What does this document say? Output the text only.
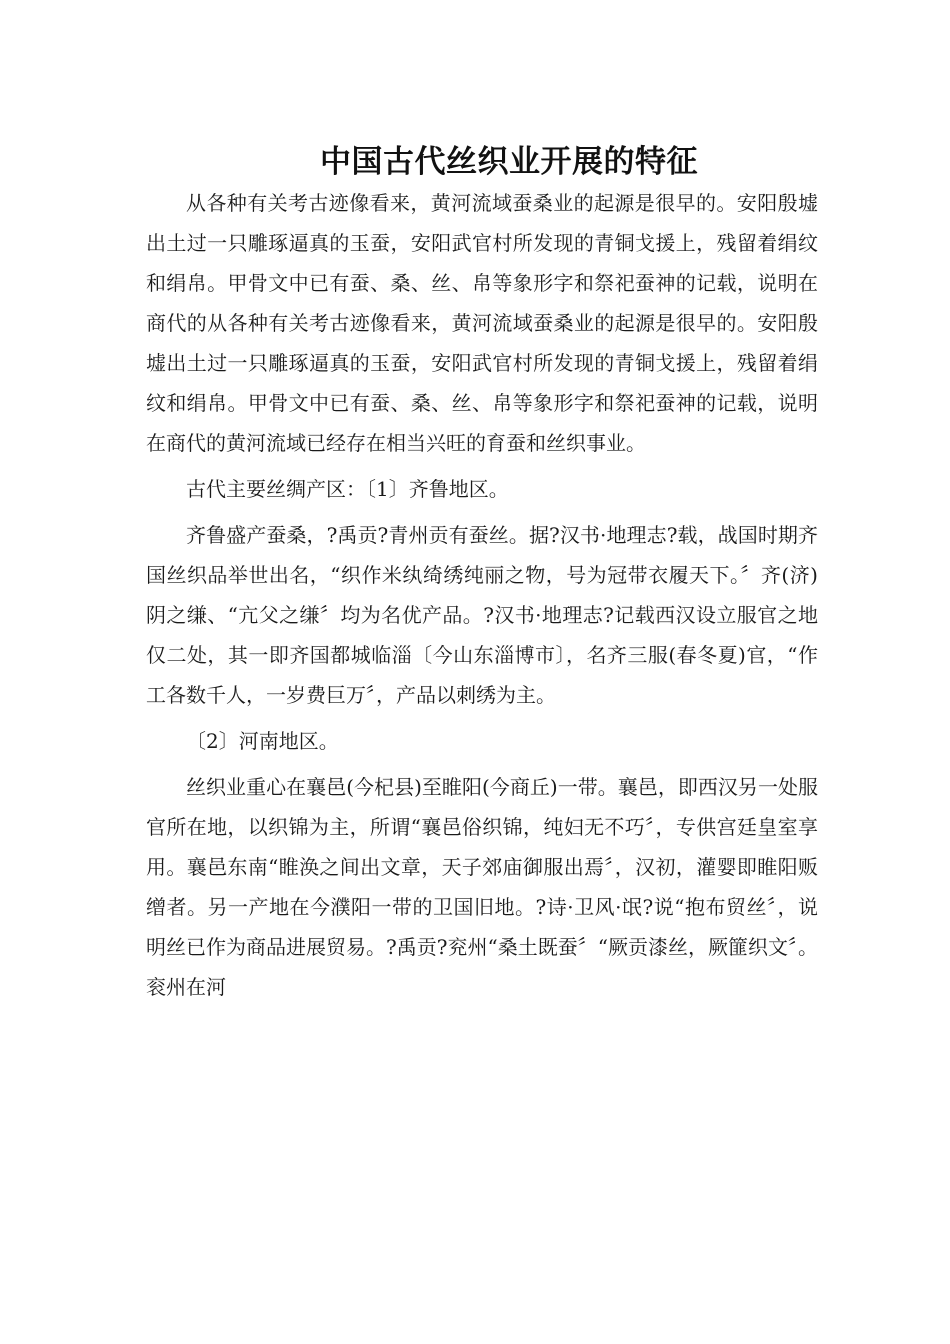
中国古代丝织业开展的特征

从各种有关考古迹像看来，黄河流域蚕桑业的起源是很早的。安阳殷墟出土过一只雕琢逼真的玉蚕，安阳武官村所发现的青铜戈援上，残留着绢纹和绢帛。甲骨文中已有蚕、桑、丝、帛等象形字和祭祀蚕神的记载，说明在商代的从各种有关考古迹像看来，黄河流域蚕桑业的起源是很早的。安阳殷墟出土过一只雕琢逼真的玉蚕，安阳武官村所发现的青铜戈援上，残留着绢纹和绢帛。甲骨文中已有蚕、桑、丝、帛等象形字和祭祀蚕神的记载，说明在商代的黄河流域已经存在相当兴旺的育蚕和丝织事业。

古代主要丝绸产区：〔1〕齐鲁地区。

齐鲁盛产蚕桑，?禹贡?青州贡有蚕丝。据?汉书·地理志?载，战国时期齐国丝织品举世出名，“织作米纨绮绣纯丽之物，号为冠带衣履天下。〞齐(济)阴之缣、“亢父之缣〞均为名优产品。?汉书·地理志?记载西汉设立服官之地仅二处，其一即齐国都城临淄〔今山东淄博市〕，名齐三服(春冬夏)官，“作工各数千人，一岁费巨万〞，产品以刺绣为主。

〔2〕河南地区。

丝织业重心在襄邑(今杞县)至睢阳(今商丘)一带。襄邑，即西汉另一处服官所在地，以织锦为主，所谓“襄邑俗织锦，纯妇无不巧〞，专供宫廷皇室享用。襄邑东南“睢涣之间出文章，天子郊庙御服出焉〞，汉初，灌婴即睢阳贩缯者。另一产地在今濮阳一带的卫国旧地。?诗·卫风·氓?说“抱布贸丝〞，说明丝已作为商品进展贸易。?禹贡?兖州“桑土既蚕〞“厥贡漆丝，厥篚织文〞。衮州在河
